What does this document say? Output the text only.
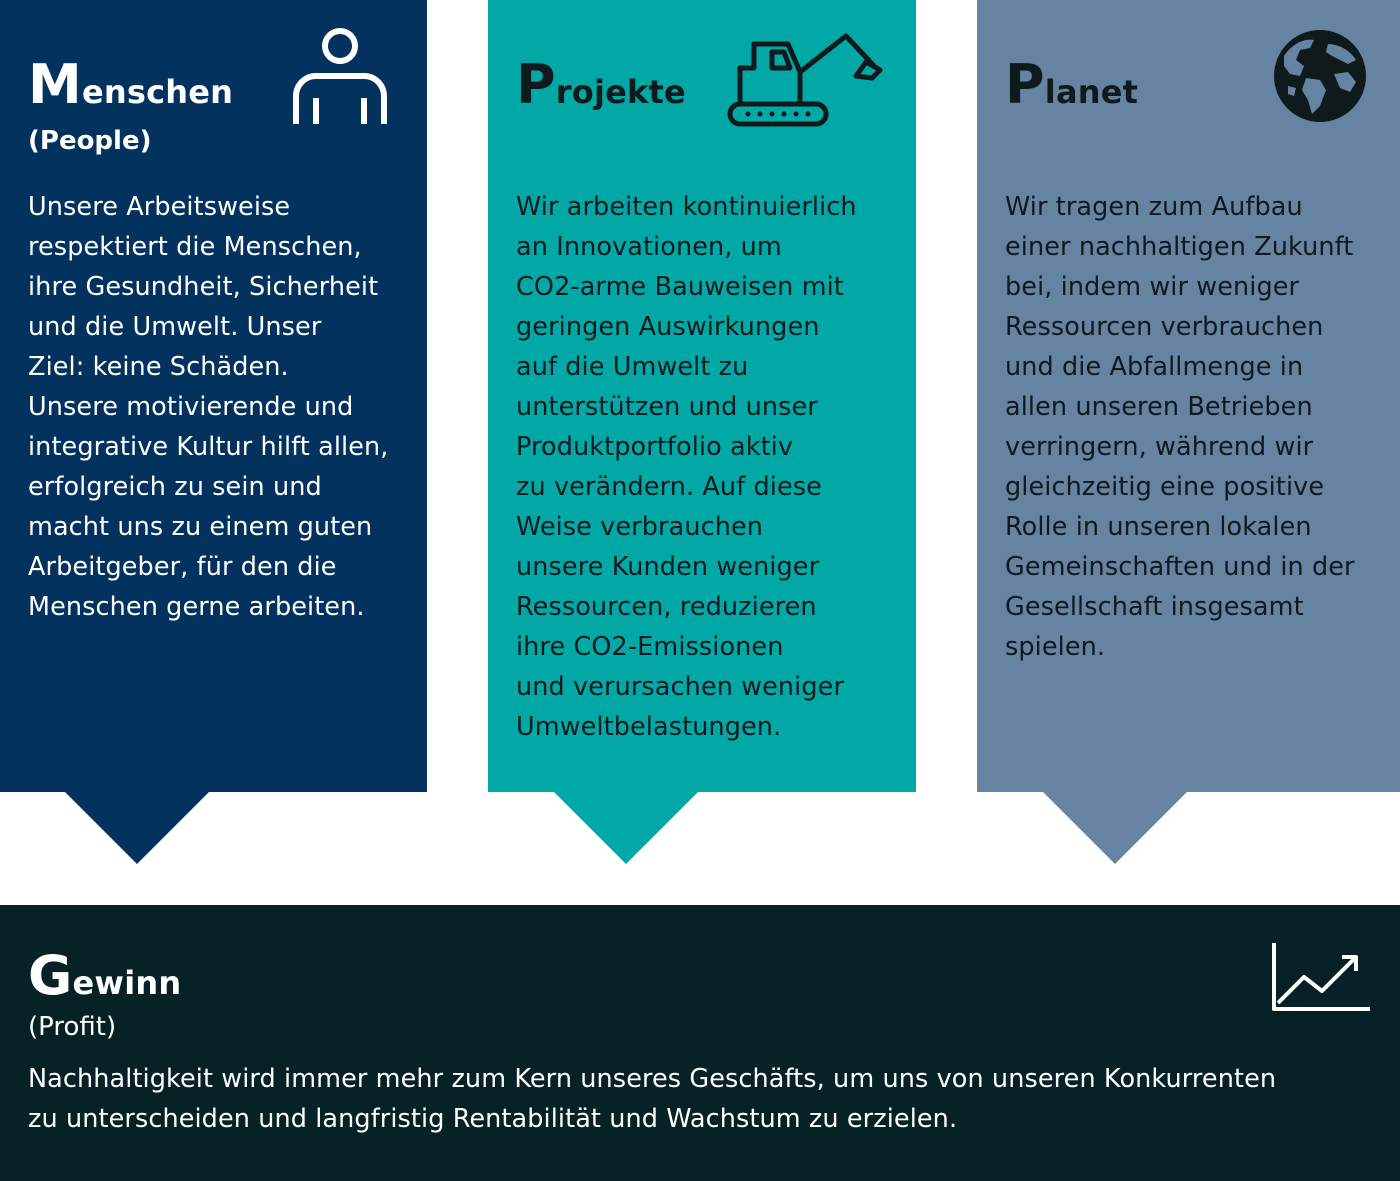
Menschen
(People)
Unsere Arbeitsweise
respektiert die Menschen,
ihre Gesundheit, Sicherheit
und die Umwelt. Unser
Ziel: keine Schäden.
Unsere motivierende und
integrative Kultur hilft allen,
erfolgreich zu sein und
macht uns zu einem guten
Arbeitgeber, für den die
Menschen gerne arbeiten.
Projekte
Wir arbeiten kontinuierlich
an Innovationen, um
CO2-arme Bauweisen mit
geringen Auswirkungen
auf die Umwelt zu
unterstützen und unser
Produktportfolio aktiv
zu verändern. Auf diese
Weise verbrauchen
unsere Kunden weniger
Ressourcen, reduzieren
ihre CO2-Emissionen
und verursachen weniger
Umweltbelastungen.
Planet
Wir tragen zum Aufbau
einer nachhaltigen Zukunft
bei, indem wir weniger
Ressourcen verbrauchen
und die Abfallmenge in
allen unseren Betrieben
verringern, während wir
gleichzeitig eine positive
Rolle in unseren lokalen
Gemeinschaften und in der
Gesellschaft insgesamt
spielen.
Gewinn
(Profit)
Nachhaltigkeit wird immer mehr zum Kern unseres Geschäfts, um uns von unseren Konkurrenten
zu unterscheiden und langfristig Rentabilität und Wachstum zu erzielen.
